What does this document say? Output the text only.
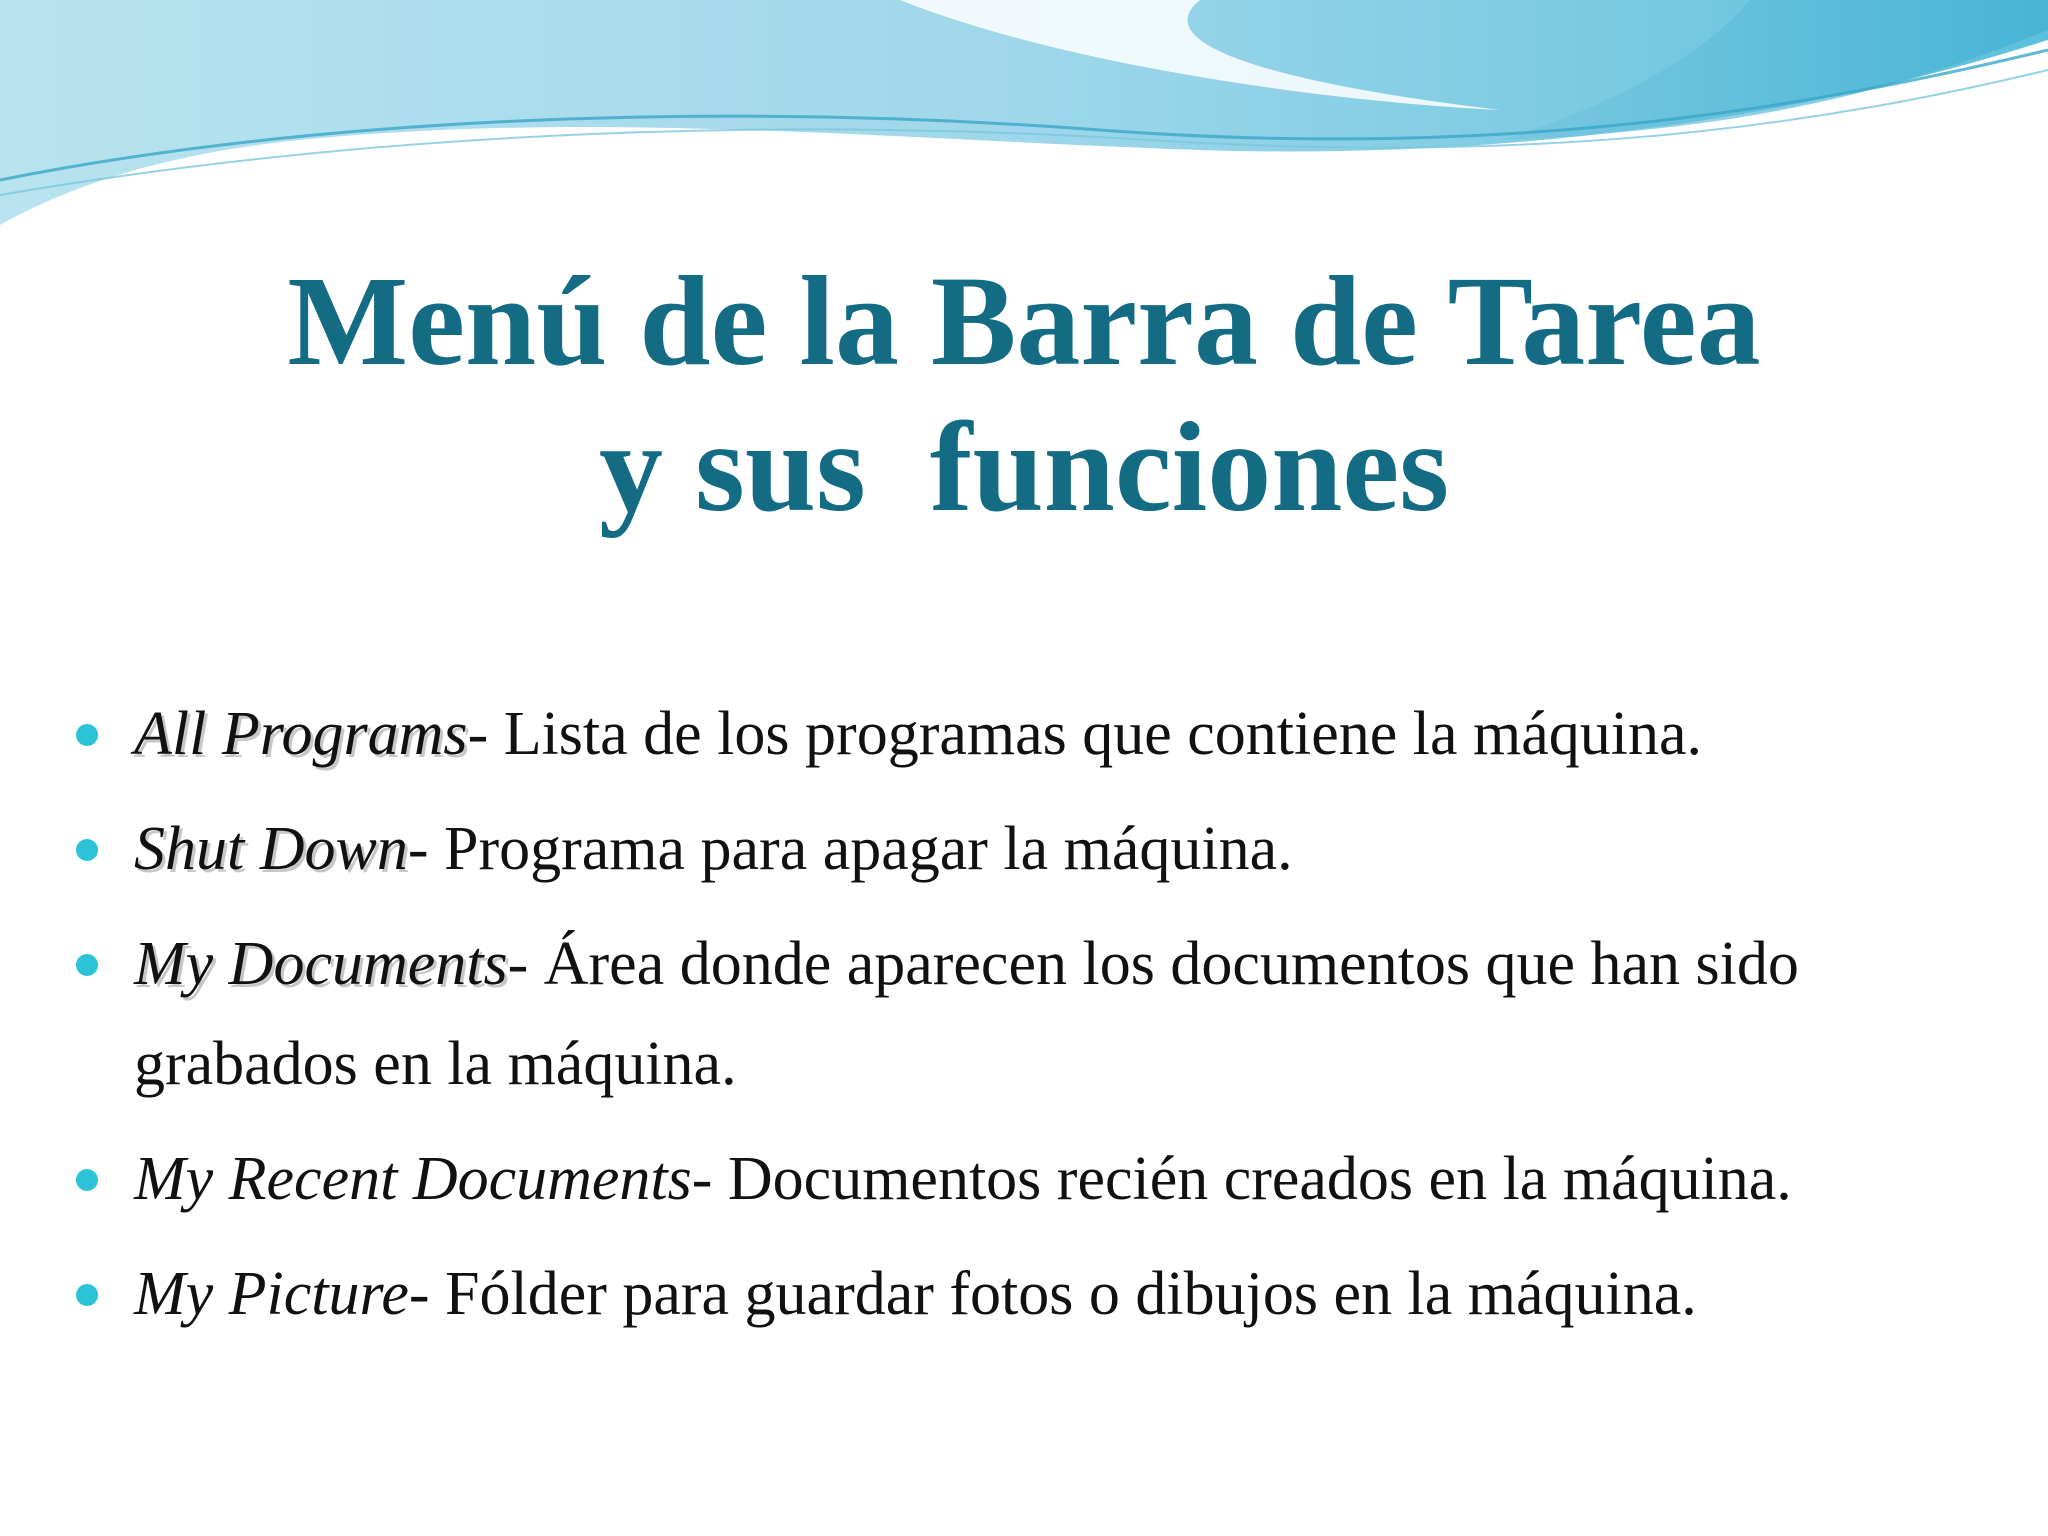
Menú de la Barra de Tarea
y sus  funciones
All Programs- Lista de los programas que contiene la máquina.
Shut Down- Programa para apagar la máquina.
My Documents- Área donde aparecen los documentos que han sido grabados en la máquina.
My Recent Documents- Documentos recién creados en la máquina.
My Picture- Fólder para guardar fotos o dibujos en la máquina.
